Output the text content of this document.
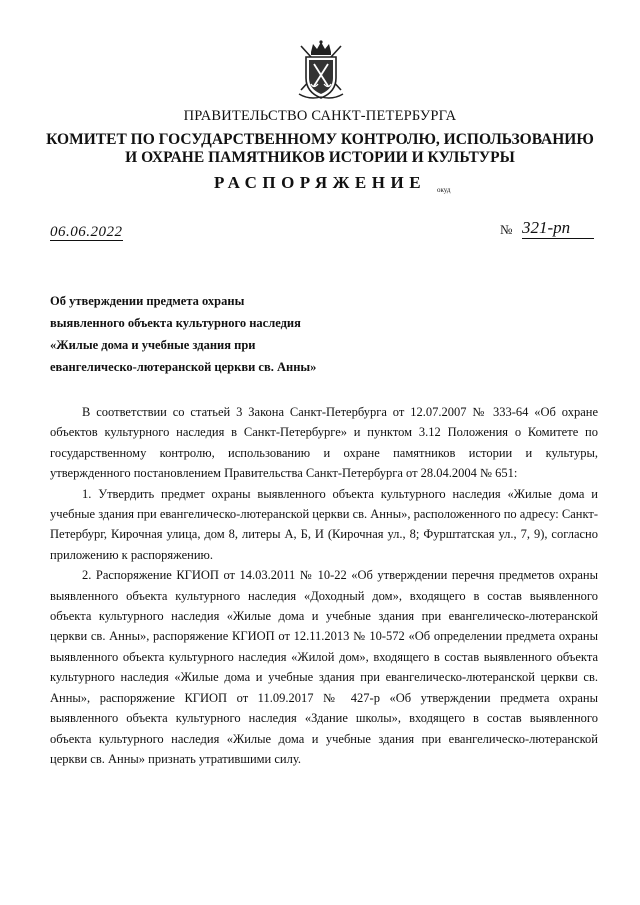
ПРАВИТЕЛЬСТВО САНКТ-ПЕТЕРБУРГА
КОМИТЕТ ПО ГОСУДАРСТВЕННОМУ КОНТРОЛЮ, ИСПОЛЬЗОВАНИЮ
И ОХРАНЕ ПАМЯТНИКОВ ИСТОРИИ И КУЛЬТУРЫ
РАСПОРЯЖЕНИЕ	окуд
06.06.2022	№ 321-рп
Об утверждении предмета охраны
выявленного объекта культурного наследия
«Жилые дома и учебные здания при
евангелическо-лютеранской церкви св. Анны»

В соответствии со статьей 3 Закона Санкт-Петербурга от 12.07.2007 № 333-64 «Об охране объектов культурного наследия в Санкт-Петербурге» и пунктом 3.12 Положения о Комитете по государственному контролю, использованию и охране памятников истории и культуры, утвержденного постановлением Правительства Санкт-Петербурга от 28.04.2004 № 651:

1. Утвердить предмет охраны выявленного объекта культурного наследия «Жилые дома и учебные здания при евангелическо-лютеранской церкви св. Анны», расположенного по адресу: Санкт-Петербург, Кирочная улица, дом 8, литеры А, Б, И (Кирочная ул., 8; Фурштатская ул., 7, 9), согласно приложению к распоряжению.

2. Распоряжение КГИОП от 14.03.2011 № 10-22 «Об утверждении перечня предметов охраны выявленного объекта культурного наследия «Доходный дом», входящего в состав выявленного объекта культурного наследия «Жилые дома и учебные здания при евангелическо-лютеранской церкви св. Анны», распоряжение КГИОП от 12.11.2013 № 10-572 «Об определении предмета охраны выявленного объекта культурного наследия «Жилой дом», входящего в состав выявленного объекта культурного наследия «Жилые дома и учебные здания при евангелическо-лютеранской церкви св. Анны», распоряжение КГИОП от 11.09.2017 № 427-р «Об утверждении предмета охраны выявленного объекта культурного наследия «Здание школы», входящего в состав выявленного объекта культурного наследия «Жилые дома и учебные здания при евангелическо-лютеранской церкви св. Анны» признать утратившими силу.
